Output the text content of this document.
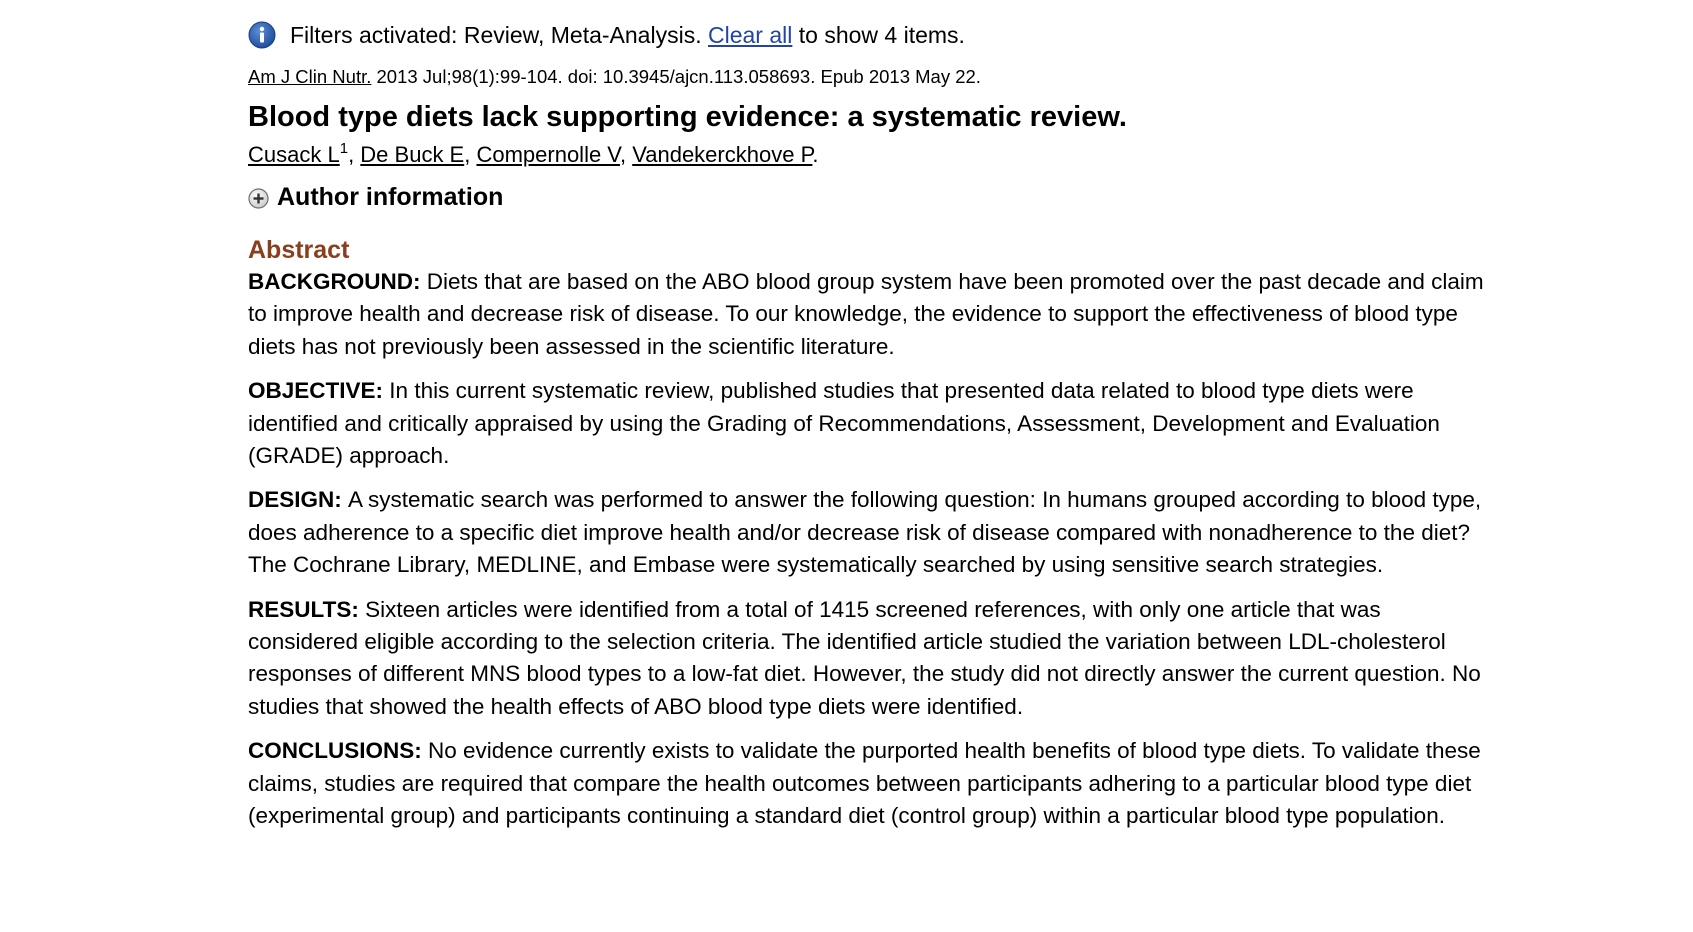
Filters activated: Review, Meta-Analysis. Clear all to show 4 items.
Am J Clin Nutr. 2013 Jul;98(1):99-104. doi: 10.3945/ajcn.113.058693. Epub 2013 May 22.
Blood type diets lack supporting evidence: a systematic review.
Cusack $L^1$, De Buck E, Compernolle V, Vandekerckhove P.
Author information
Abstract
BACKGROUND: Diets that are based on the ABO blood group system have been promoted over the past decade and claim to improve health and decrease risk of disease. To our knowledge, the evidence to support the effectiveness of blood type diets has not previously been assessed in the scientific literature.
OBJECTIVE: In this current systematic review, published studies that presented data related to blood type diets were identified and critically appraised by using the Grading of Recommendations, Assessment, Development and Evaluation (GRADE) approach.
DESIGN: A systematic search was performed to answer the following question: In humans grouped according to blood type, does adherence to a specific diet improve health and/or decrease risk of disease compared with nonadherence to the diet? The Cochrane Library, MEDLINE, and Embase were systematically searched by using sensitive search strategies.
RESULTS: Sixteen articles were identified from a total of 1415 screened references, with only one article that was considered eligible according to the selection criteria. The identified article studied the variation between LDL-cholesterol responses of different MNS blood types to a low-fat diet. However, the study did not directly answer the current question. No studies that showed the health effects of ABO blood type diets were identified.
CONCLUSIONS: No evidence currently exists to validate the purported health benefits of blood type diets. To validate these claims, studies are required that compare the health outcomes between participants adhering to a particular blood type diet (experimental group) and participants continuing a standard diet (control group) within a particular blood type population.
